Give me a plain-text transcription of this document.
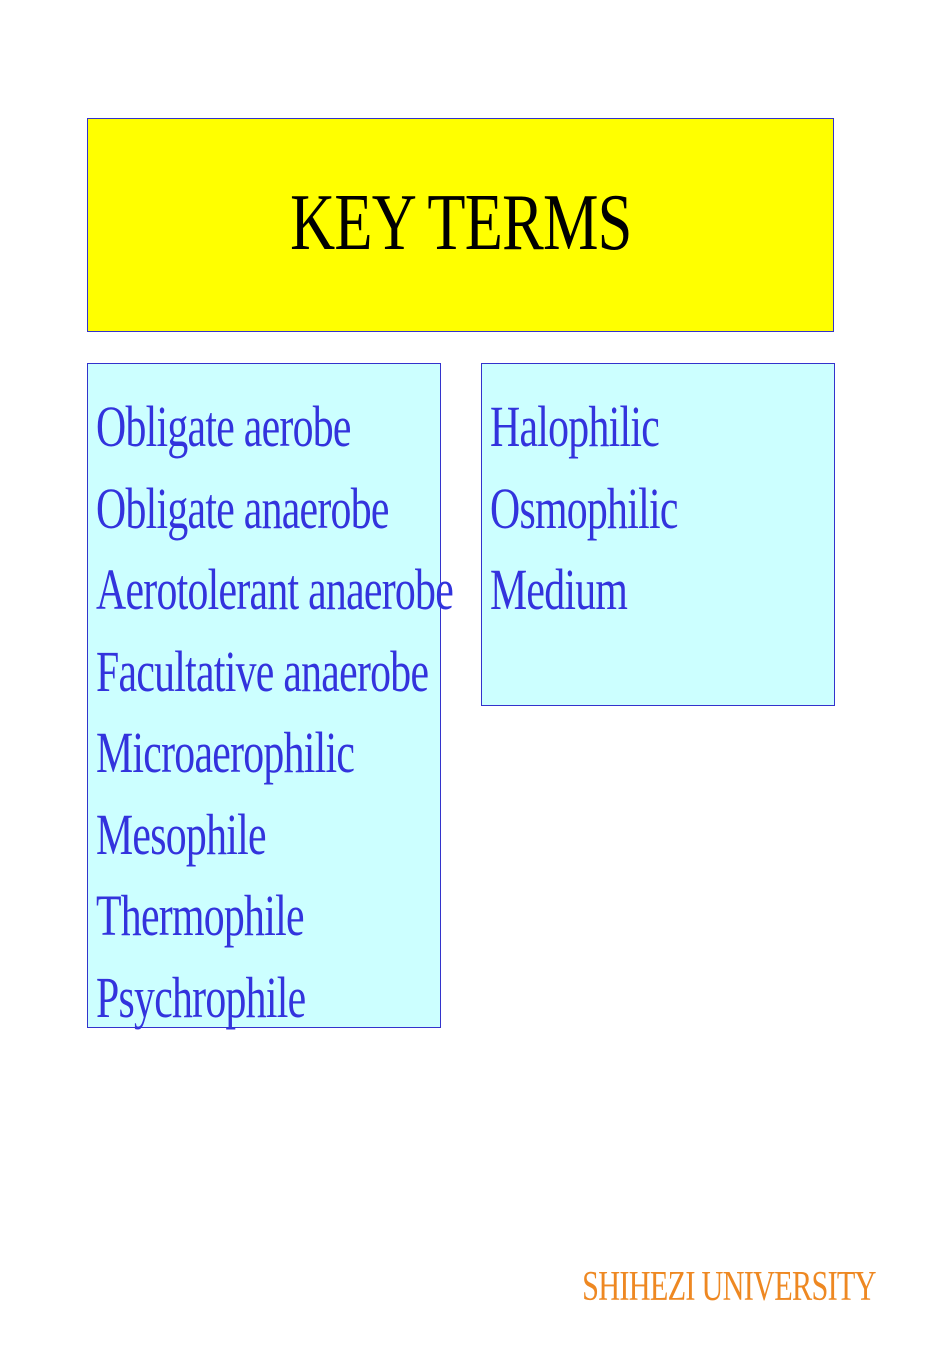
KEY TERMS
Obligate aerobe
Obligate anaerobe
Aerotolerant anaerobe
Facultative anaerobe
Microaerophilic
Mesophile
Thermophile
Psychrophile
Halophilic
Osmophilic
Medium
SHIHEZI UNIVERSITY
